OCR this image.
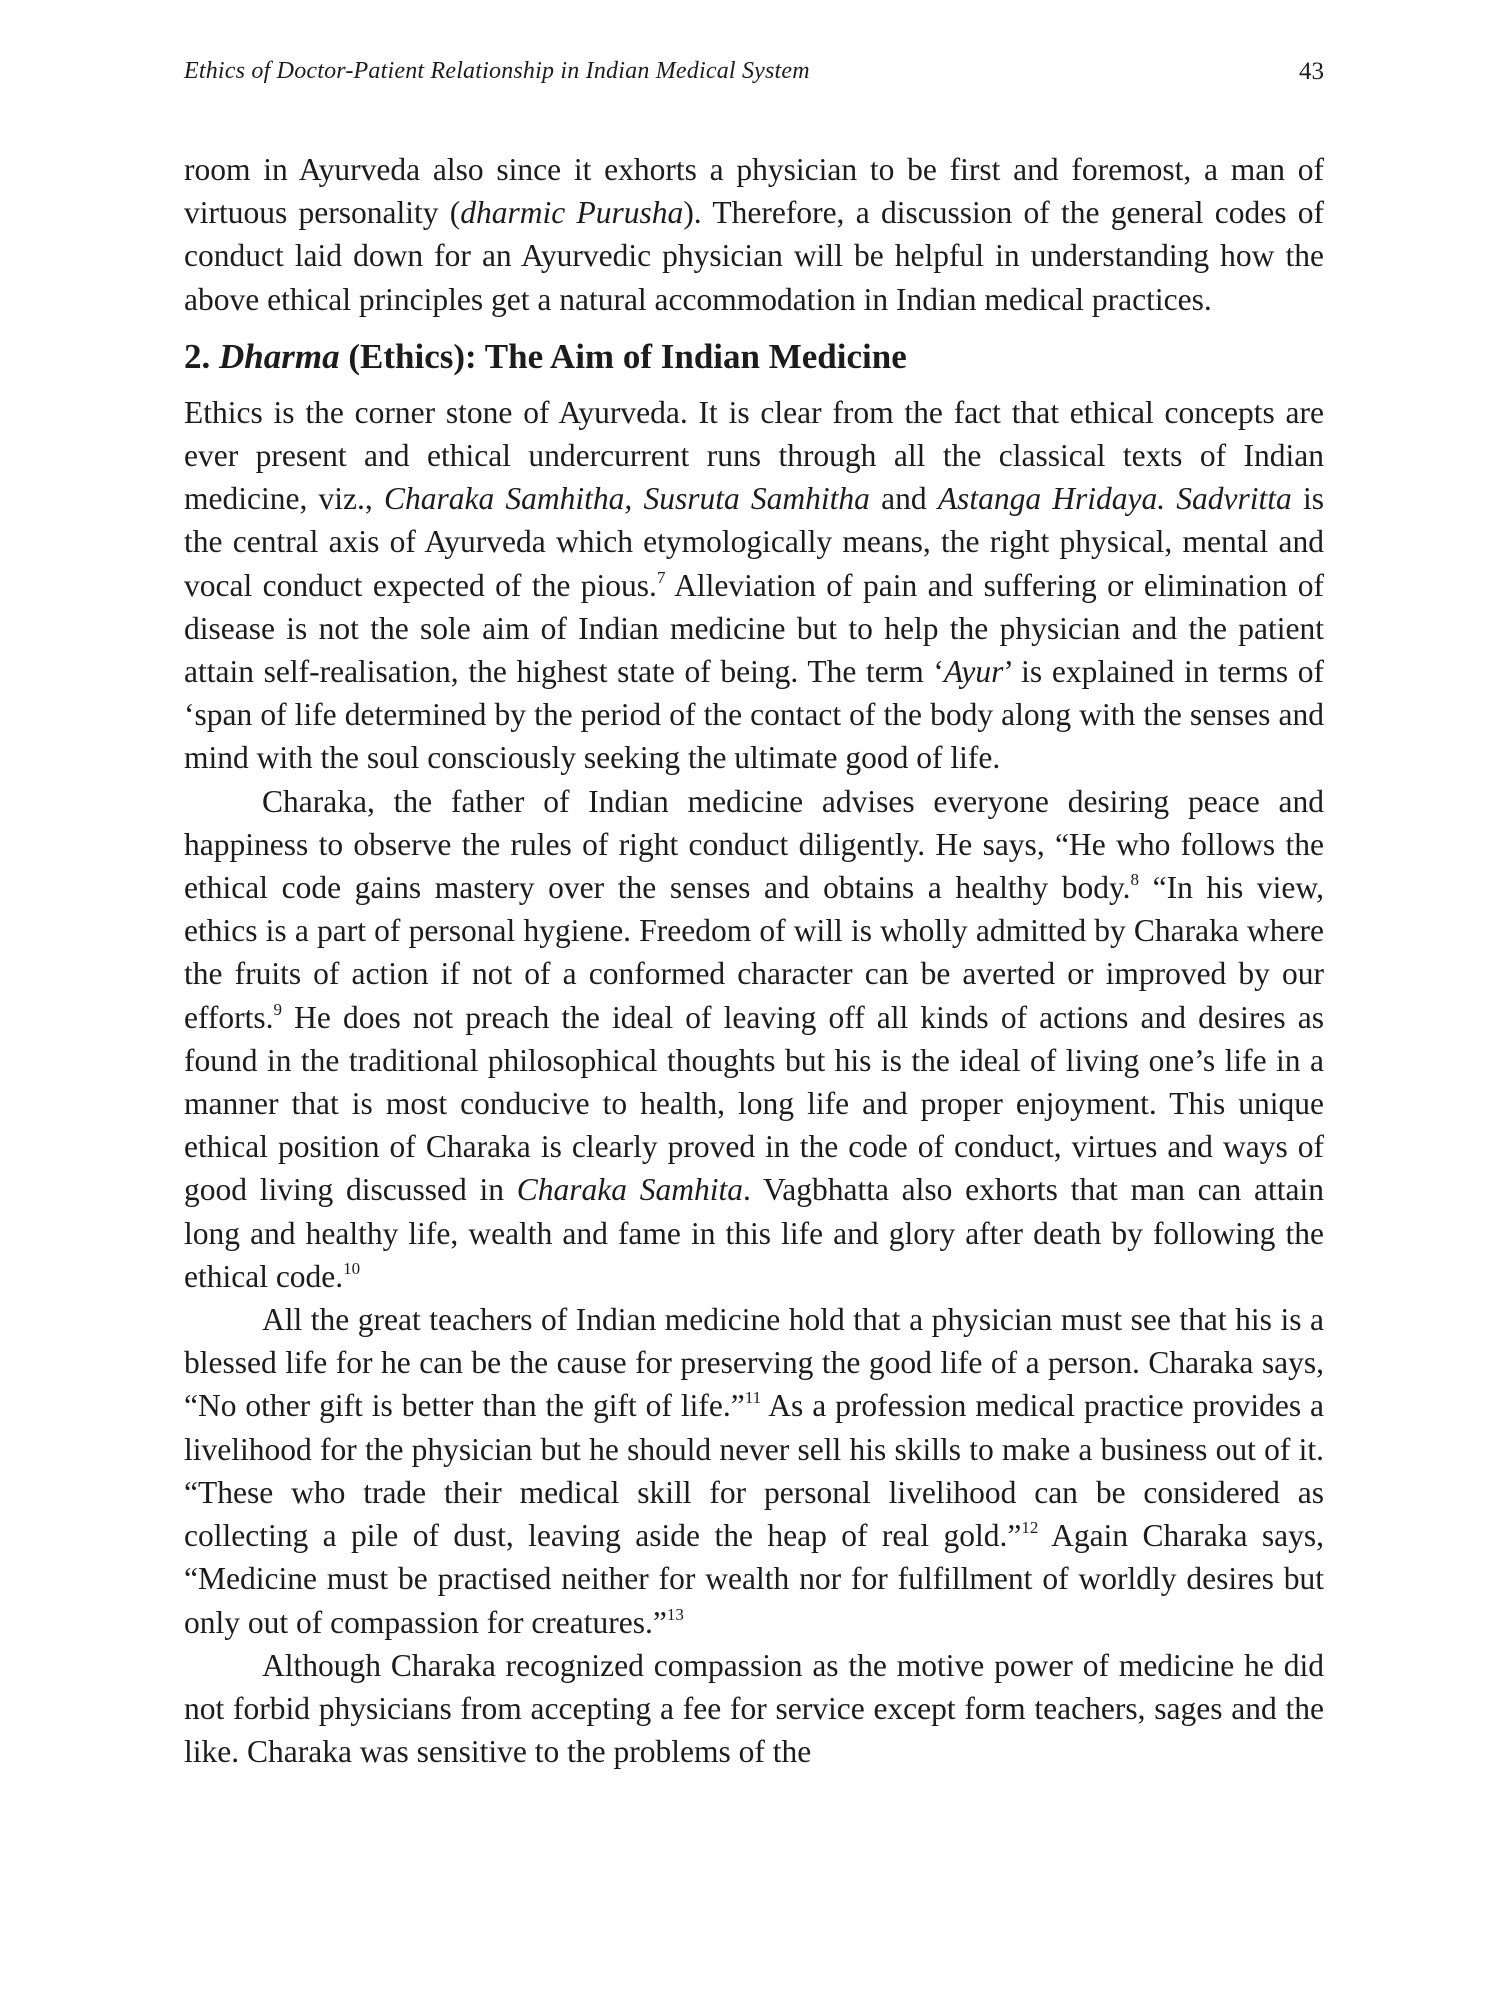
Ethics of Doctor-Patient Relationship in Indian Medical System	43

room in Ayurveda also since it exhorts a physician to be first and foremost, a man of virtuous personality (dharmic Purusha). Therefore, a discussion of the general codes of conduct laid down for an Ayurvedic physician will be helpful in understanding how the above ethical principles get a natural accommodation in Indian medical practices.

2. Dharma (Ethics): The Aim of Indian Medicine

Ethics is the corner stone of Ayurveda. It is clear from the fact that ethical concepts are ever present and ethical undercurrent runs through all the classical texts of Indian medicine, viz., Charaka Samhitha, Susruta Samhitha and Astanga Hridaya. Sadvritta is the central axis of Ayurveda which etymologically means, the right physical, mental and vocal conduct expected of the pious.$^7$ Alleviation of pain and suffering or elimination of disease is not the sole aim of Indian medicine but to help the physician and the patient attain self-realisation, the highest state of being. The term ‘Ayur’ is explained in terms of ‘span of life determined by the period of the contact of the body along with the senses and mind with the soul consciously seeking the ultimate good of life.

Charaka, the father of Indian medicine advises everyone desiring peace and happiness to observe the rules of right conduct diligently. He says, “He who follows the ethical code gains mastery over the senses and obtains a healthy body.$^8$ “In his view, ethics is a part of personal hygiene. Freedom of will is wholly admitted by Charaka where the fruits of action if not of a conformed character can be averted or improved by our efforts.$^9$ He does not preach the ideal of leaving off all kinds of actions and desires as found in the traditional philosophical thoughts but his is the ideal of living one’s life in a manner that is most conducive to health, long life and proper enjoyment. This unique ethical position of Charaka is clearly proved in the code of conduct, virtues and ways of good living discussed in Charaka Samhita. Vagbhatta also exhorts that man can attain long and healthy life, wealth and fame in this life and glory after death by following the ethical code.$^{10}$

All the great teachers of Indian medicine hold that a physician must see that his is a blessed life for he can be the cause for preserving the good life of a person. Charaka says, “No other gift is better than the gift of life.”$^{11}$ As a profession medical practice provides a livelihood for the physician but he should never sell his skills to make a business out of it. “These who trade their medical skill for personal livelihood can be considered as collecting a pile of dust, leaving aside the heap of real gold.”$^{12}$ Again Charaka says, “Medicine must be practised neither for wealth nor for fulfillment of worldly desires but only out of compassion for creatures.”$^{13}$

Although Charaka recognized compassion as the motive power of medicine he did not forbid physicians from accepting a fee for service except form teachers, sages and the like. Charaka was sensitive to the problems of the
